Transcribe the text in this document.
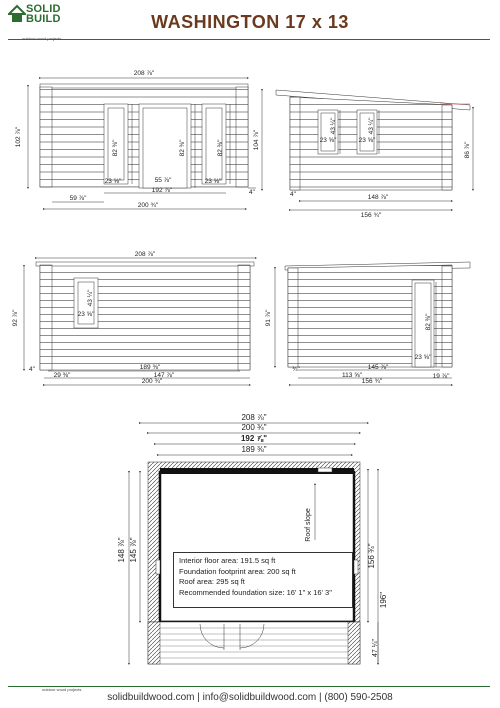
SOLID
BUILD	WASHINGTON 17 x 13
208 ⅞"
102 ⅞"
82 ⅜"	82 ⅜"	82 ⅜"
55 ⅞"
23 ⅝"	23 ⅝"
192 ⅞"
59 ⅞"
200 ¾"
4"
104 ⅞"	86 ⅞"
43 ¼"
23 ⅝"
43 ¼"
23 ⅝"
148 ⅞"
156 ¾"
4"
208 ⅞"
92 ⅞"
43 ¼"
23 ⅝"
189 ⅜"
29 ⅜"	147 ⅞"
200 ¾"
4"
91 ⅞"	82 ⅜"
23 ⅝"
¾"	145 ⅞"
19 ⅞"
113 ⅝"
156 ¾"
208 ⅞"
200 ¾"
192 ⅞"
189 ⅜"
148 ⅞" 145 ⅞"	156 ¾"
196"
47 ¼"
Roof slope
Interior floor area: 191.5 sq ft
Foundation footprint area: 200 sq ft
Roof area: 295 sq ft
Recommended foundation size: 16' 1" x 16' 3"
outdoor wood projects
solidbuildwood.com | info@solidbuildwood.com | (800) 590-2508
